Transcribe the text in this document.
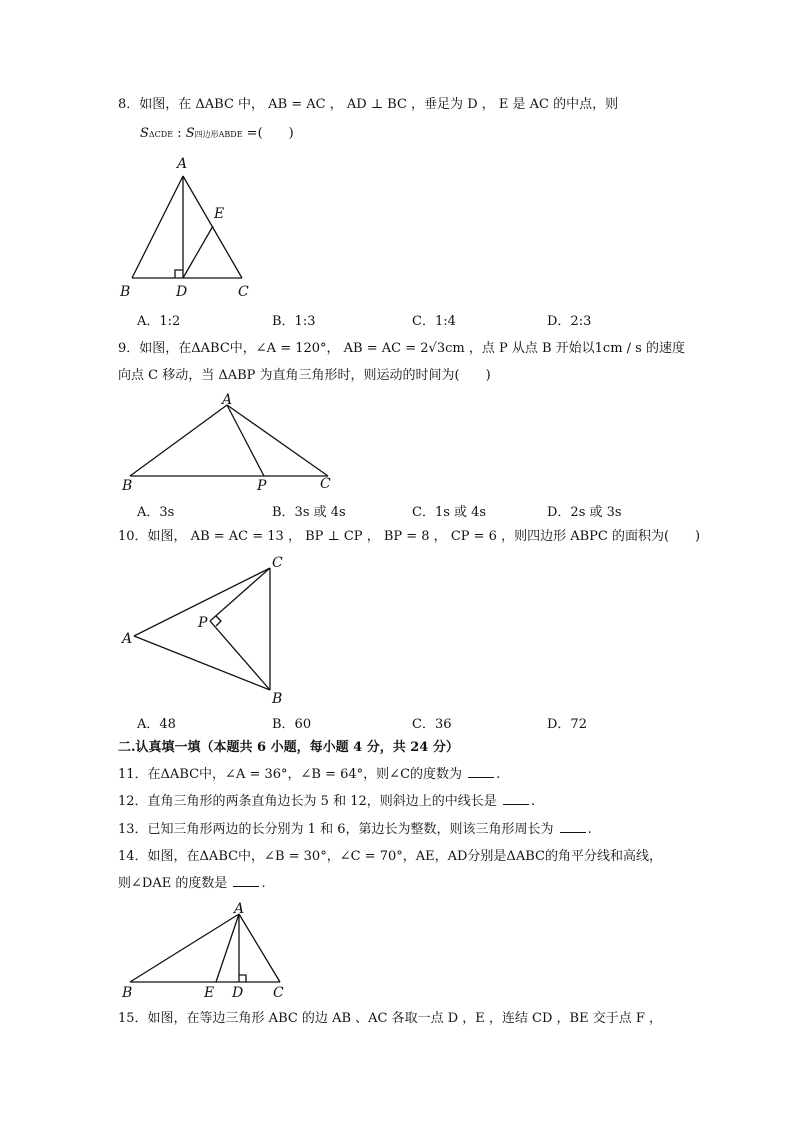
8．如图，在 ΔABC 中， AB = AC ， AD ⊥ BC ，垂足为 D ， E 是 AC 的中点，则
SΔCDE : S四边形ABDE =(　　)
A
B	D	C
E
A．1:2	B．1:3	C．1:4	D．2:3
9．如图，在ΔABC中，∠A = 120°， AB = AC = 2√3cm ，点 P 从点 B 开始以1cm / s 的速度
向点 C 移动，当 ΔABP 为直角三角形时，则运动的时间为(　　)
A
B	P	C
A．3s	B．3s 或 4s	C．1s 或 4s	D．2s 或 3s
10．如图， AB = AC = 13 ， BP ⊥ CP ， BP = 8 ， CP = 6 ，则四边形 ABPC 的面积为(　　)
C
A
P
B
A．48	B．60	C．36	D．72
二.认真填一填（本题共 6 小题，每小题 4 分，共 24 分）
11．在ΔABC中，∠A = 36°，∠B = 64°，则∠C的度数为	.
12．直角三角形的两条直角边长为 5 和 12，则斜边上的中线长是	.
13．已知三角形两边的长分别为 1 和 6，第边长为整数，则该三角形周长为	.
14．如图，在ΔABC中，∠B = 30°，∠C = 70°，AE，AD分别是ΔABC的角平分线和高线，
则∠DAE 的度数是	.
A
B	E D C
15．如图，在等边三角形 ABC 的边 AB 、AC 各取一点 D ，E ，连结 CD ，BE 交于点 F ，
